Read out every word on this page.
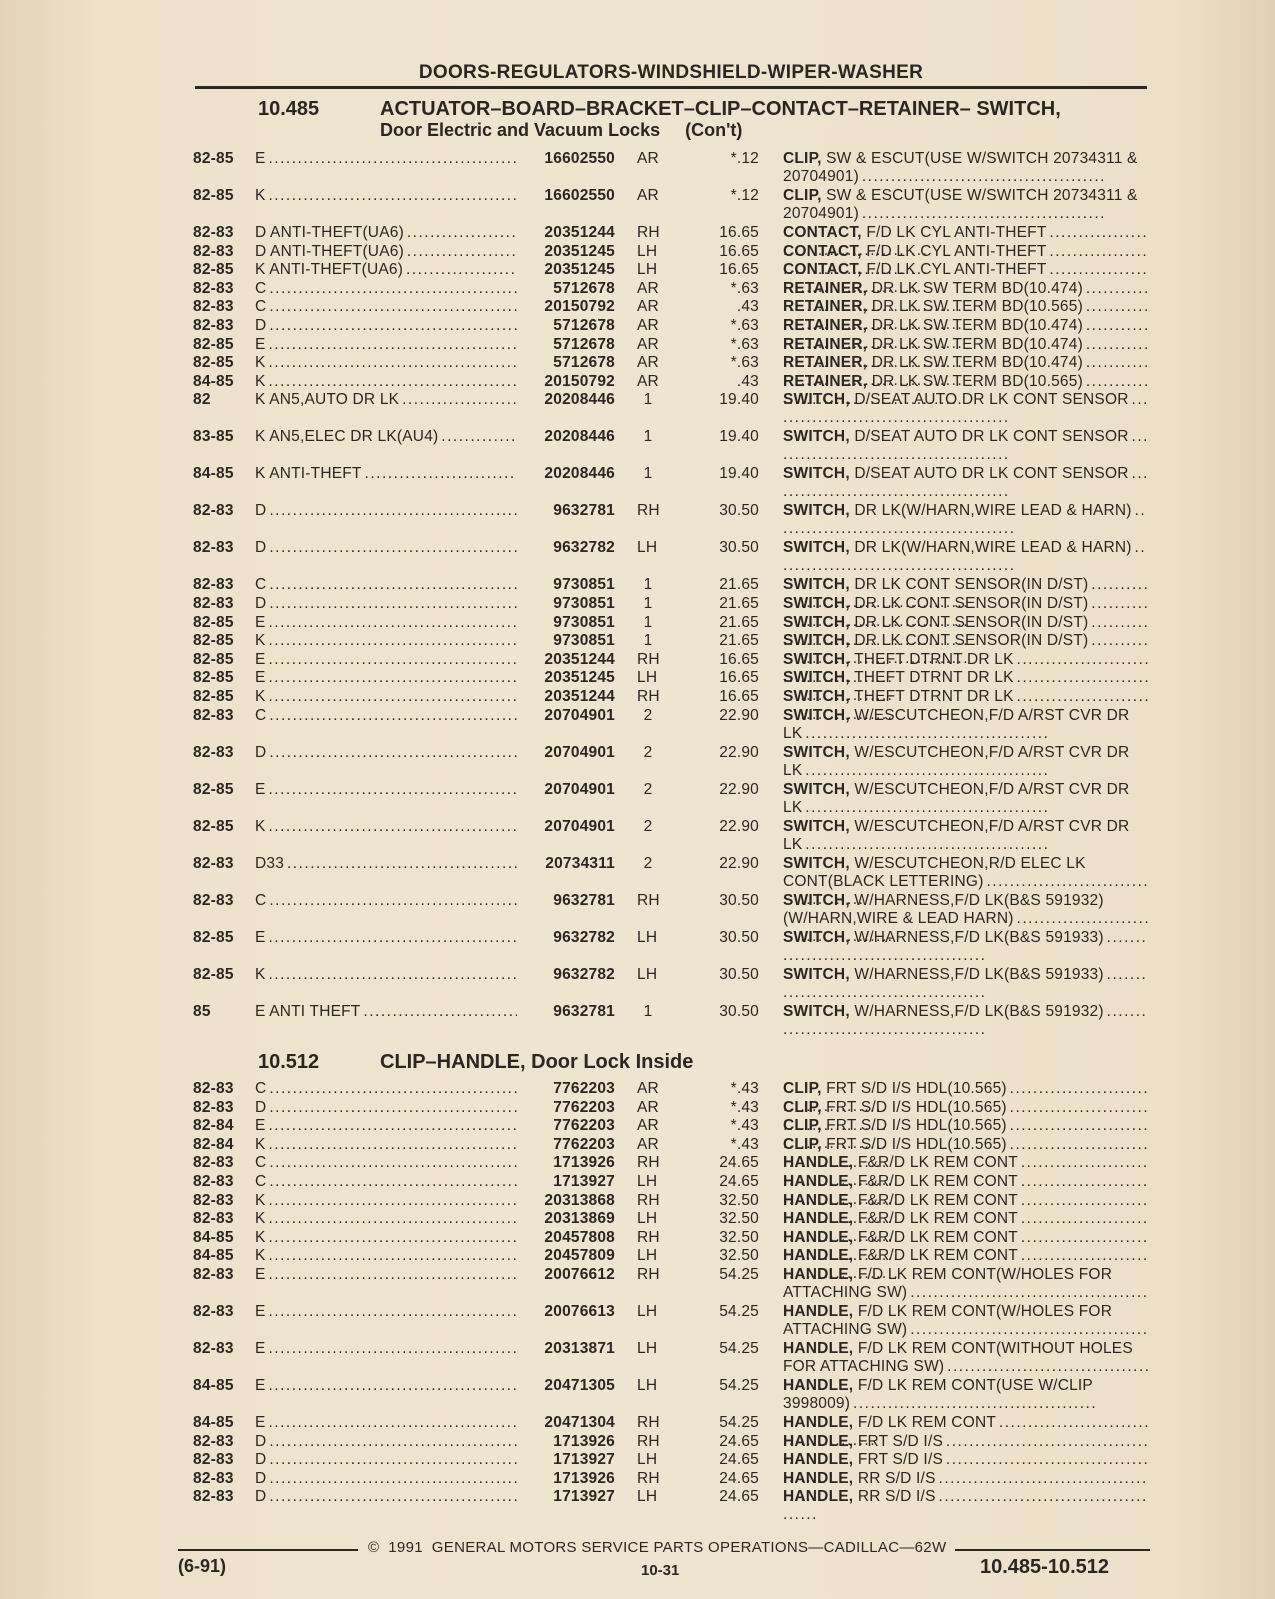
DOORS-REGULATORS-WINDSHIELD-WIPER-WASHER
10.485	ACTUATOR–BOARD–BRACKET–CLIP–CONTACT–RETAINER– SWITCH,
Door Electric and Vacuum Locks     (Con't)
82-85	E . . .	16602550 AR	*.12 CLIP, SW & ESCUT(USE W/SWITCH 20734311 & 20704901) . . .
82-85	K . . .	16602550 AR	*.12 CLIP, SW & ESCUT(USE W/SWITCH 20734311 & 20704901) . . .
82-83	D ANTI-THEFT(UA6) . . .	20351244 RH	16.65 CONTACT, F/D LK CYL ANTI-THEFT . . .
82-83	D ANTI-THEFT(UA6) . . .	20351245 LH	16.65 CONTACT, F/D LK CYL ANTI-THEFT . . .
82-85	K ANTI-THEFT(UA6) . . .	20351245 LH	16.65 CONTACT, F/D LK CYL ANTI-THEFT . . .
82-83	C . . .	5712678 AR	*.63 RETAINER, DR LK SW TERM BD(10.474) . . .
82-83	C . . .	20150792 AR	.43 RETAINER, DR LK SW TERM BD(10.565) . . .
82-83	D . . .	5712678 AR	*.63 RETAINER, DR LK SW TERM BD(10.474) . . .
82-85	E . . .	5712678 AR	*.63 RETAINER, DR LK SW TERM BD(10.474) . . .
82-85	K . . .	5712678 AR	*.63 RETAINER, DR LK SW TERM BD(10.474) . . .
84-85	K . . .	20150792 AR	.43 RETAINER, DR LK SW TERM BD(10.565) . . .
82	K AN5,AUTO DR LK . . .	20208446	1	19.40 SWITCH, D/SEAT AUTO DR LK CONT SENSOR . . .
83-85	K AN5,ELEC DR LK(AU4) . . .	20208446	1	19.40 SWITCH, D/SEAT AUTO DR LK CONT SENSOR . . .
84-85	K ANTI-THEFT . . .	20208446	1	19.40 SWITCH, D/SEAT AUTO DR LK CONT SENSOR . . .
82-83	D . . .	9632781 RH	30.50 SWITCH, DR LK(W/HARN,WIRE LEAD & HARN) . . .
82-83	D . . .	9632782 LH	30.50 SWITCH, DR LK(W/HARN,WIRE LEAD & HARN) . . .
82-83	C . . .	9730851	1	21.65 SWITCH, DR LK CONT SENSOR(IN D/ST) . . .
82-83	D . . .	9730851	1	21.65 SWITCH, DR LK CONT SENSOR(IN D/ST) . . .
82-85	E . . .	9730851	1	21.65 SWITCH, DR LK CONT SENSOR(IN D/ST) . . .
82-85	K . . .	9730851	1	21.65 SWITCH, DR LK CONT SENSOR(IN D/ST) . . .
82-85	E . . .	20351244 RH	16.65 SWITCH, THEFT DTRNT DR LK . . .
82-85	E . . .	20351245 LH	16.65 SWITCH, THEFT DTRNT DR LK . . .
82-85	K . . .	20351244 RH	16.65 SWITCH, THEFT DTRNT DR LK . . .
82-83	C . . .	20704901	2	22.90 SWITCH, W/ESCUTCHEON,F/D A/RST CVR DR LK . . .
82-83	D . . .	20704901	2	22.90 SWITCH, W/ESCUTCHEON,F/D A/RST CVR DR LK . . .
82-85	E . . .	20704901	2	22.90 SWITCH, W/ESCUTCHEON,F/D A/RST CVR DR LK . . .
82-85	K . . .	20704901	2	22.90 SWITCH, W/ESCUTCHEON,F/D A/RST CVR DR LK . . .
82-83	D33 . . .	20734311	2	22.90 SWITCH, W/ESCUTCHEON,R/D ELEC LK CONT(BLACK LETTERING) . . .
82-83	C . . .	9632781 RH	30.50 SWITCH, W/HARNESS,F/D LK(B&S 591932)(W/HARN,WIRE & LEAD HARN) . . .
82-85	E . . .	9632782 LH	30.50 SWITCH, W/HARNESS,F/D LK(B&S 591933) . . .
82-85	K . . .	9632782 LH	30.50 SWITCH, W/HARNESS,F/D LK(B&S 591933) . . .
85	E ANTI THEFT . . .	9632781	1	30.50 SWITCH, W/HARNESS,F/D LK(B&S 591932) . . .
10.512	CLIP–HANDLE, Door Lock Inside
82-83	C . . .	7762203 AR	*.43 CLIP, FRT S/D I/S HDL(10.565) . . .
82-83	D . . .	7762203 AR	*.43 CLIP, FRT S/D I/S HDL(10.565) . . .
82-84	E . . .	7762203 AR	*.43 CLIP, FRT S/D I/S HDL(10.565) . . .
82-84	K . . .	7762203 AR	*.43 CLIP, FRT S/D I/S HDL(10.565) . . .
82-83	C . . .	1713926 RH	24.65 HANDLE, F&R/D LK REM CONT . . .
82-83	C . . .	1713927 LH	24.65 HANDLE, F&R/D LK REM CONT . . .
82-83	K . . .	20313868 RH	32.50 HANDLE, F&R/D LK REM CONT . . .
82-83	K . . .	20313869 LH	32.50 HANDLE, F&R/D LK REM CONT . . .
84-85	K . . .	20457808 RH	32.50 HANDLE, F&R/D LK REM CONT . . .
84-85	K . . .	20457809 LH	32.50 HANDLE, F&R/D LK REM CONT . . .
82-83	E . . .	20076612 RH	54.25 HANDLE, F/D LK REM CONT(W/HOLES FOR ATTACHING SW) . . .
82-83	E . . .	20076613 LH	54.25 HANDLE, F/D LK REM CONT(W/HOLES FOR ATTACHING SW) . . .
82-83	E . . .	20313871 LH	54.25 HANDLE, F/D LK REM CONT(WITHOUT HOLES FOR ATTACHING SW) . . .
84-85	E . . .	20471305 LH	54.25 HANDLE, F/D LK REM CONT(USE W/CLIP 3998009) . . .
84-85	E . . .	20471304 RH	54.25 HANDLE, F/D LK REM CONT . . .
82-83	D . . .	1713926 RH	24.65 HANDLE, FRT S/D I/S . . .
82-83	D . . .	1713927 LH	24.65 HANDLE, FRT S/D I/S . . .
82-83	D . . .	1713926 RH	24.65 HANDLE, RR S/D I/S . . .
82-83	D . . .	1713927 LH	24.65 HANDLE, RR S/D I/S . . .
©  1991  GENERAL MOTORS SERVICE PARTS OPERATIONS—CADILLAC—62W
(6-91)	10-31	10.485-10.512
